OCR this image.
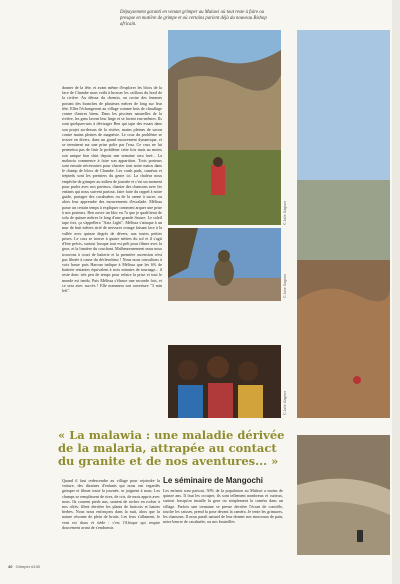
Dépaysement garanti en venant grimper au Malawi où tout reste à faire ou presque en matière de grimpe et où certains parient déjà du nouveau Bishop africain.
donner de la tête, et avant même d'explorer les blocs de la face de Chambe nous voilà à brosser les cailloux du bord de la rivière. Au détour du chemin, on croise des femmes portant des branches de plusieurs mètres de long sur leur tête. Elles l'échangeront au village comme bois de chauffage contre d'autres biens. Dans les piscines naturelles de la rivière, les gens lavent leur linge et se lavent eux-mêmes. Ils sont quelques-uns à dévisager Ben qui tape des essais dans son projet au-dessus de la rivière, mains pleines de savon contre mains pleines de magnésie. Le crux du problème se trouve en divers, dans un grand mouvement dynamique, et se terminent sur une prise polie par l'eau. Ce crux ne lui permettra pas de finir le problème cette fois mais au moins son unique bon shirt depuis une semaine sera lavé... La malawia commence à faire son apparition. Trois porteurs sont ensuite nécessaires pour charrier tout notre matos dans le champ de blocs de Chambe. Les crash pads, caméras et trépieds sont les premiers du genre ici. La chaleur nous empêche de grimper au milieu de journée et c'est un moment pour parler avec nos porteurs, chanter des chansons avec les enfants qui nous suivent partout, faire faire du rappel à notre guide, partager des cacahuètes ou de la canne à sucre, ou alors leur apprendre des mouvements d'escalade. Mélissa passe un certain temps à expliquer comment arquer une prise à nos porteurs. Ben ouvre un bloc en 7a que je qualifierai de solo de quinze mètres le long d'une grande fissure. Le soleil tape fort, ça s'appellera "Aziz Light". Mélissa s'attaque à un mur de huit mètres strié de nervures orange faisant face à la vallée avec quinze degrés de dévers, aux toutes petites prises. Le crux se trouve à quatre mètres du sol et il s'agit d'être précis, surtout lorsque tout est prêt pour filmer avec la grue, et la lumière du couchant. Malheureusement nous nous trouvons à court de batterie et la première ascension n'est pas filmée à cause du déclencheur ! Nous nous consultons à voix basse puis Haroun indique à Mélissa que les 6% de batterie restantes équivalent à trois minutes de tournage... il reste donc très peu de temps pour refaire la prise et tout le monde est tendu. Puis Mélissa s'élance une seconde fois, et ce sera avec succès ! Elle nommera son ouverture "3 min left".
© Julie Gagnon
© Julie Gagnon
© Julie Gagnon
« La malawia : une maladie dérivée de la malaria, attrapée au contact du granite et de nos aventures... »
Quand il faut redescendre au village pour rejoindre la voiture, des dizaines d'enfants qui nous ont regardés grimper et filmer toute la journée, se joignent à nous. Les champs se remplissent de rires, de cris, de mots appris avec nous. Ils courent pieds nus, sautent de rocher en rocher à nos côtés, filent derrière les plants de haricots et hautes herbes. Nous nous enfonçons dans la nuit, alors que la nature résonne de plein de bruits. Les feux s'allument, le vent est doux et tiède : c'est l'Afrique qui respire doucement avant de s'endormir.
Le séminaire de Mangochi
Les enfants sont partout. 50% de la population au Malawi a moins de quinze ans. Il faut les occuper, ils sont tellement nombreux et curieux, surtout lorsqu'on installe la grue ou simplement la caméra dans un village. Parfois une trentaine se presse derrière l'écran de contrôle, touche les caisses, prend la pose devant la caméra. Je tente les grimaces, les chansons. Il nous paraît naturel de leur donner nos morceaux de pain, notre beurre de cacahuète, ou nos bouteilles
40 Grimper #130
